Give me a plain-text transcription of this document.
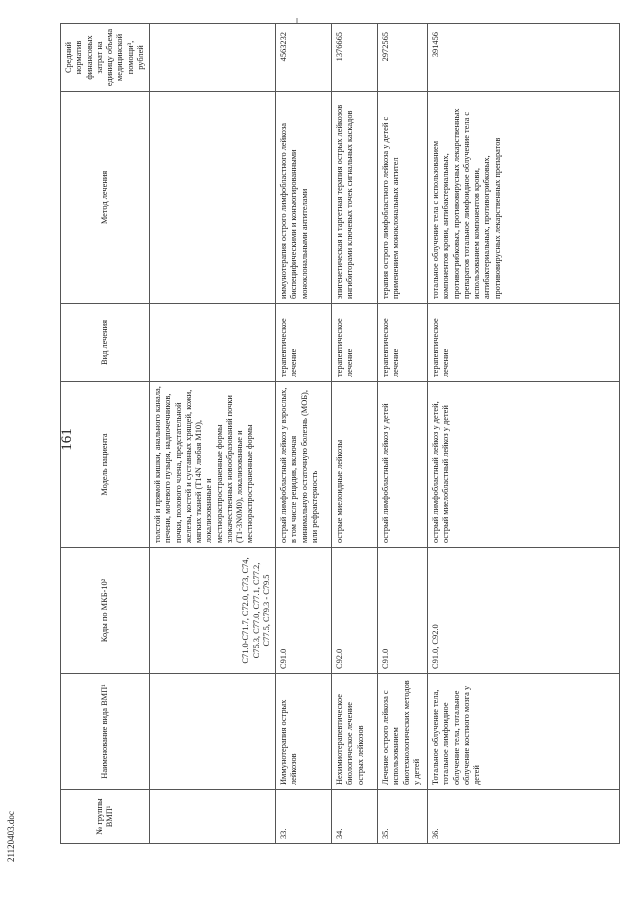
161
№ группы ВМП¹	Наименование вида ВМП¹	Коды по МКБ-10²	Модель пациента	Вид лечения	Метод лечения	Средний норматив финансовых затрат на единицу объема медицинской помощи³, рублей
		C71.0-C71.7, C72.0, C73, C74, C75.3, C77.0, C77.1, C77.2, C77.5, C79.3 - C79.5	толстой и прямой кишки, анального канала, печени, мочевого пузыря, надпочечников, почки, полового члена, предстательной железы, костей и суставных хрящей, кожи, мягких тканей (T14N любая M10), локализованные и местнораспространенные формы злокачественных новообразований почки (T1-3N0M0), локализованные и местнораспространенные формы			
33.	Иммунотерапия острых лейкозов	C91.0	острый лимфобластный лейкоз у взрослых, в том числе рецидив, включая минимальную остаточную болезнь (МОБ), или рефрактерность	терапевтическое лечение	иммунотерапия острого лимфобластного лейкоза биспецифическими и конъюгированными моноклональными антителами	4563232
34.	Нехимиотерапевтическое биологическое лечение острых лейкозов	C92.0	острые миелоидные лейкозы	терапевтическое лечение	эпигенетическая и таргетная терапия острых лейкозов ингибиторами ключевых точек сигнальных каскадов	1376665
35.	Лечение острого лейкоза с использованием биотехнологических методов у детей	C91.0	острый лимфобластный лейкоз у детей	терапевтическое лечение	терапия острого лимфобластного лейкоза у детей с применением моноклональных антител	2972565
36.	Тотальное облучение тела, тотальное лимфоидное облучение тела, тотальное облучение костного мозга у детей	C91.0, C92.0	острый лимфобластный лейкоз у детей, острый миелобластный лейкоз у детей	терапевтическое лечение	тотальное облучение тела с использованием компонентов крови, антибактериальных, противогрибковых, противовирусных лекарственных препаратов тотальное лимфоидное облучение тела с использованием компонентов крови, антибактериальных, противогрибковых, противовирусных лекарственных препаратов	391456
21120403.doc
